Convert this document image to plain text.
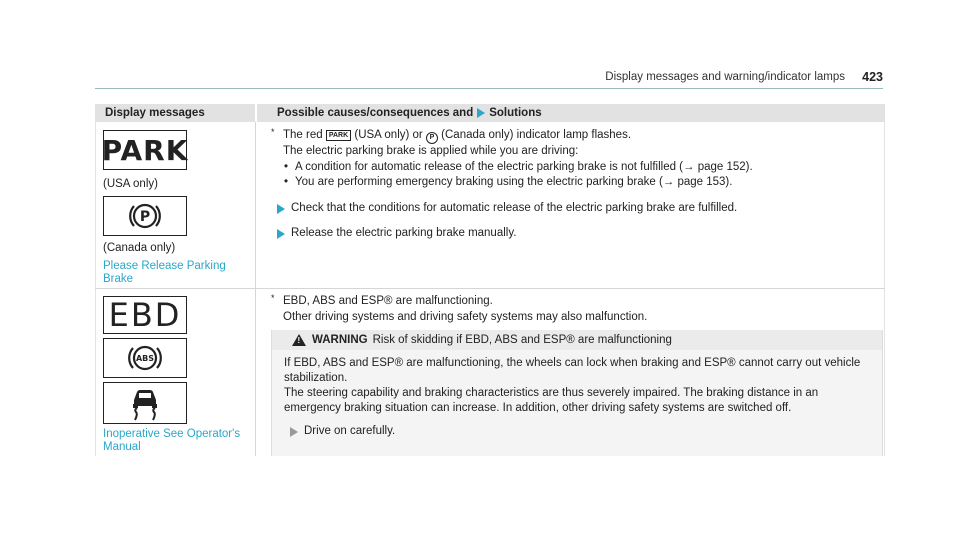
Display messages and warning/indicator lamps 423
Display messages	Possible causes/consequences and Solutions
PARK
(USA only)
P
(Canada only)
Please Release Parking Brake
* The red PARK (USA only) or P (Canada only) indicator lamp flashes.
The electric parking brake is applied while you are driving:
• A condition for automatic release of the electric parking brake is not fulfilled (→ page 152).
• You are performing emergency braking using the electric parking brake (→ page 153).
Check that the conditions for automatic release of the electric parking brake are fulfilled.
Release the electric parking brake manually.
EBD
ABS
Inoperative See Operator's Manual
* EBD, ABS and ESP® are malfunctioning.
Other driving systems and driving safety systems may also malfunction.
! WARNING Risk of skidding if EBD, ABS and ESP® are malfunctioning
If EBD, ABS and ESP® are malfunctioning, the wheels can lock when braking and ESP® cannot carry out vehicle stabilization.
The steering capability and braking characteristics are thus severely impaired. The braking distance in an emergency braking situation can increase. In addition, other driving safety systems are switched off.
Drive on carefully.
